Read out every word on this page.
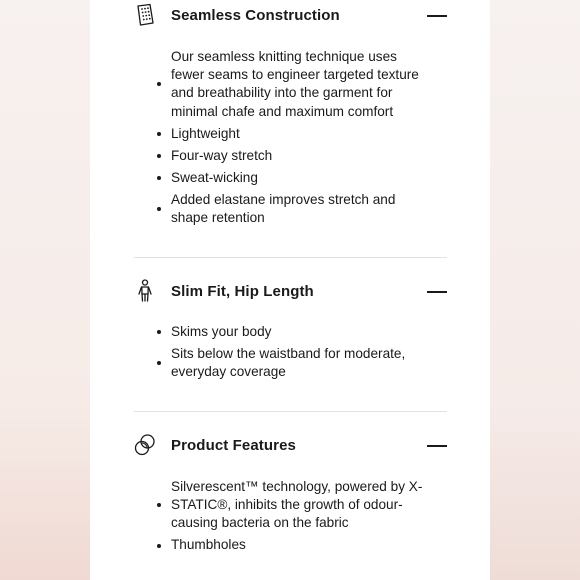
Seamless Construction
Our seamless knitting technique uses fewer seams to engineer targeted texture and breathability into the garment for minimal chafe and maximum comfort
Lightweight
Four-way stretch
Sweat-wicking
Added elastane improves stretch and shape retention
Slim Fit, Hip Length
Skims your body
Sits below the waistband for moderate, everyday coverage
Product Features
Silverescent™ technology, powered by X-STATIC®, inhibits the growth of odour-causing bacteria on the fabric
Thumbholes
